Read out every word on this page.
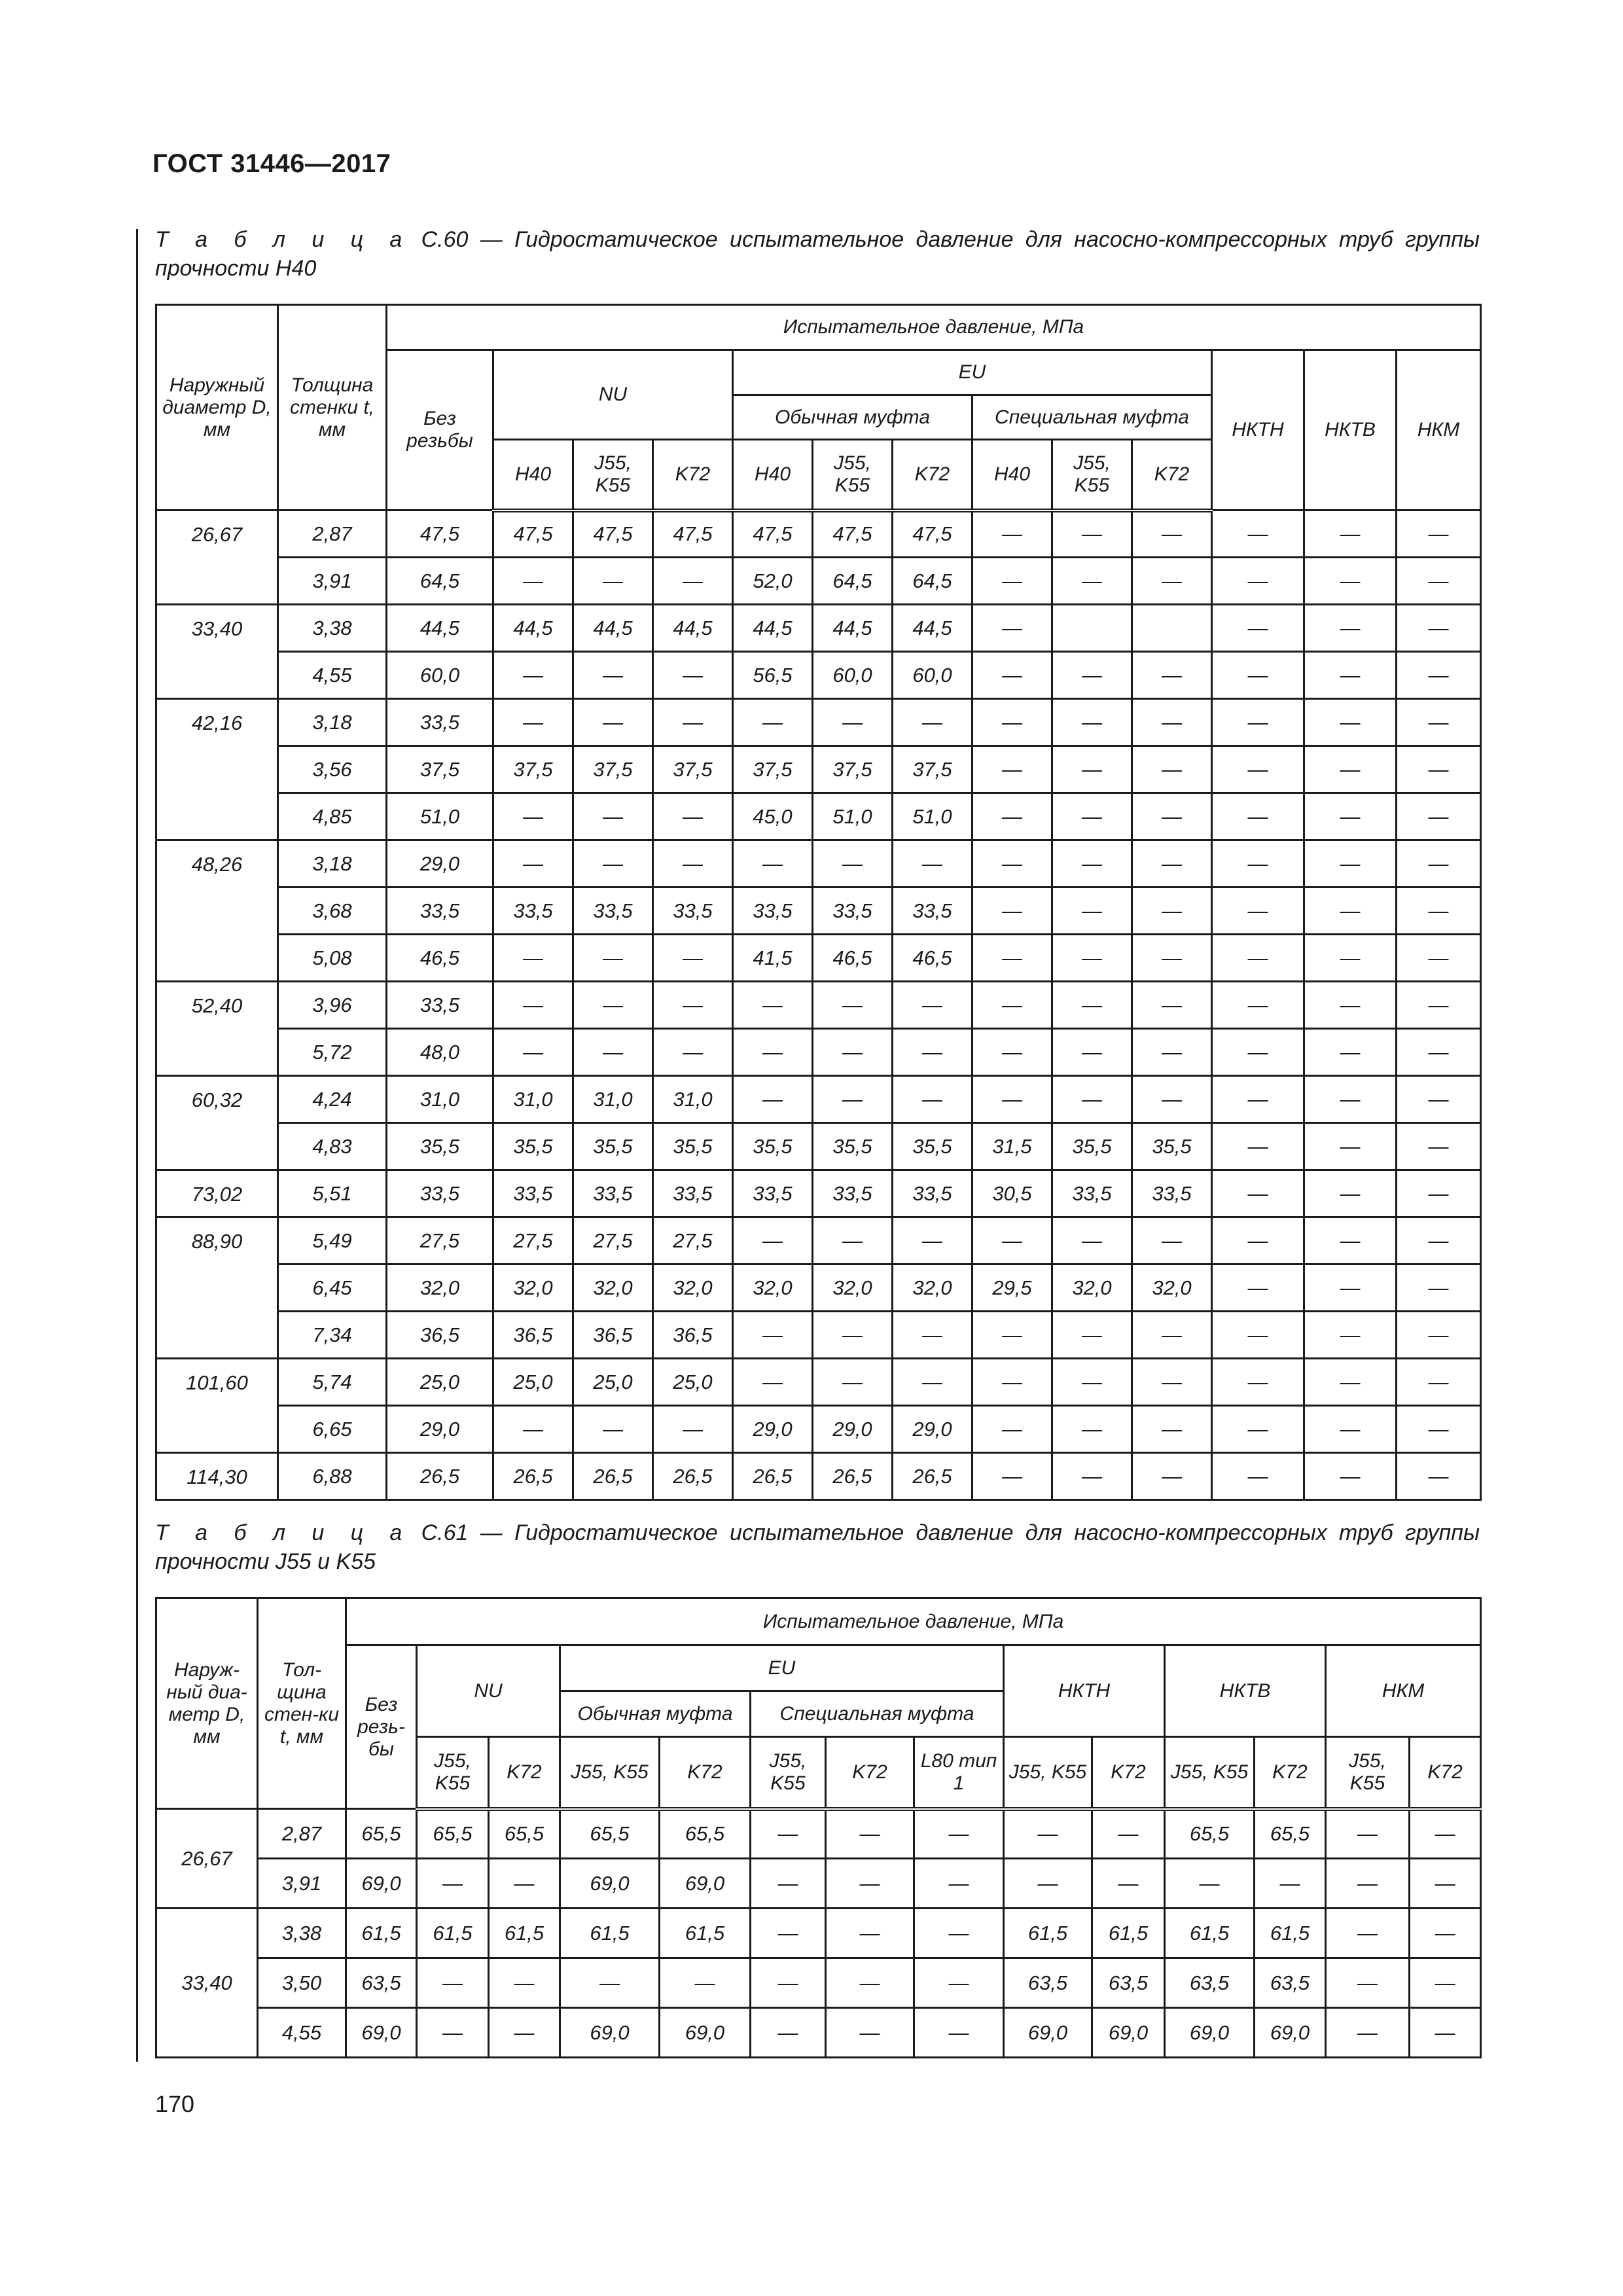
ГОСТ 31446—2017
Т а б л и ц а С.60 — Гидростатическое испытательное давление для насосно-компрессорных труб группы прочности Н40
Наружный диаметр D, мм	Толщина стенки t, мм	Испытательное давление, МПа												
		Без резьбы	NU			EU						НКТН	НКТВ	НКМ
						Обычная муфта			Специальная муфта					
			Н40	J55, K55	K72	Н40	J55, K55	K72	Н40	J55, K55	K72			
26,67	2,87	47,5	47,5	47,5	47,5	47,5	47,5	47,5	—	—	—	—	—	—
	3,91	64,5	—	—	—	52,0	64,5	64,5	—	—	—	—	—	—
33,40	3,38	44,5	44,5	44,5	44,5	44,5	44,5	44,5	—			—	—	—
	4,55	60,0	—	—	—	56,5	60,0	60,0	—	—	—	—	—	—
42,16	3,18	33,5	—	—	—	—	—	—	—	—	—	—	—	—
	3,56	37,5	37,5	37,5	37,5	37,5	37,5	37,5	—	—	—	—	—	—
	4,85	51,0	—	—	—	45,0	51,0	51,0	—	—	—	—	—	—
48,26	3,18	29,0	—	—	—	—	—	—	—	—	—	—	—	—
	3,68	33,5	33,5	33,5	33,5	33,5	33,5	33,5	—	—	—	—	—	—
	5,08	46,5	—	—	—	41,5	46,5	46,5	—	—	—	—	—	—
52,40	3,96	33,5	—	—	—	—	—	—	—	—	—	—	—	—
	5,72	48,0	—	—	—	—	—	—	—	—	—	—	—	—
60,32	4,24	31,0	31,0	31,0	31,0	—	—	—	—	—	—	—	—	—
	4,83	35,5	35,5	35,5	35,5	35,5	35,5	35,5	31,5	35,5	35,5	—	—	—
73,02	5,51	33,5	33,5	33,5	33,5	33,5	33,5	33,5	30,5	33,5	33,5	—	—	—
88,90	5,49	27,5	27,5	27,5	27,5	—	—	—	—	—	—	—	—	—
	6,45	32,0	32,0	32,0	32,0	32,0	32,0	32,0	29,5	32,0	32,0	—	—	—
	7,34	36,5	36,5	36,5	36,5	—	—	—	—	—	—	—	—	—
101,60	5,74	25,0	25,0	25,0	25,0	—	—	—	—	—	—	—	—	—
	6,65	29,0	—	—	—	29,0	29,0	29,0	—	—	—	—	—	—
114,30	6,88	26,5	26,5	26,5	26,5	26,5	26,5	26,5	—	—	—	—	—	—
Т а б л и ц а С.61 — Гидростатическое испытательное давление для насосно-компрессорных труб группы прочности J55 и K55
Наруж-ный диа-метр D, мм	Тол-щина стен-ки t, мм	Испытательное давление, МПа													
		Без резь-бы	NU		EU					НКТН		НКТВ		НКМ	
					Обычная муфта		Специальная муфта								
			J55, K55	K72	J55, K55	K72	J55, K55	K72	L80 тип 1	J55, K55	K72	J55, K55	K72	J55, K55	K72
26,67	2,87	65,5	65,5	65,5	65,5	65,5	—	—	—	—	—	65,5	65,5	—	—
	3,91	69,0	—	—	69,0	69,0	—	—	—	—	—	—	—	—	—
33,40	3,38	61,5	61,5	61,5	61,5	61,5	—	—	—	61,5	61,5	61,5	61,5	—	—
	3,50	63,5	—	—	—	—	—	—	—	63,5	63,5	63,5	63,5	—	—
	4,55	69,0	—	—	69,0	69,0	—	—	—	69,0	69,0	69,0	69,0	—	—
170
